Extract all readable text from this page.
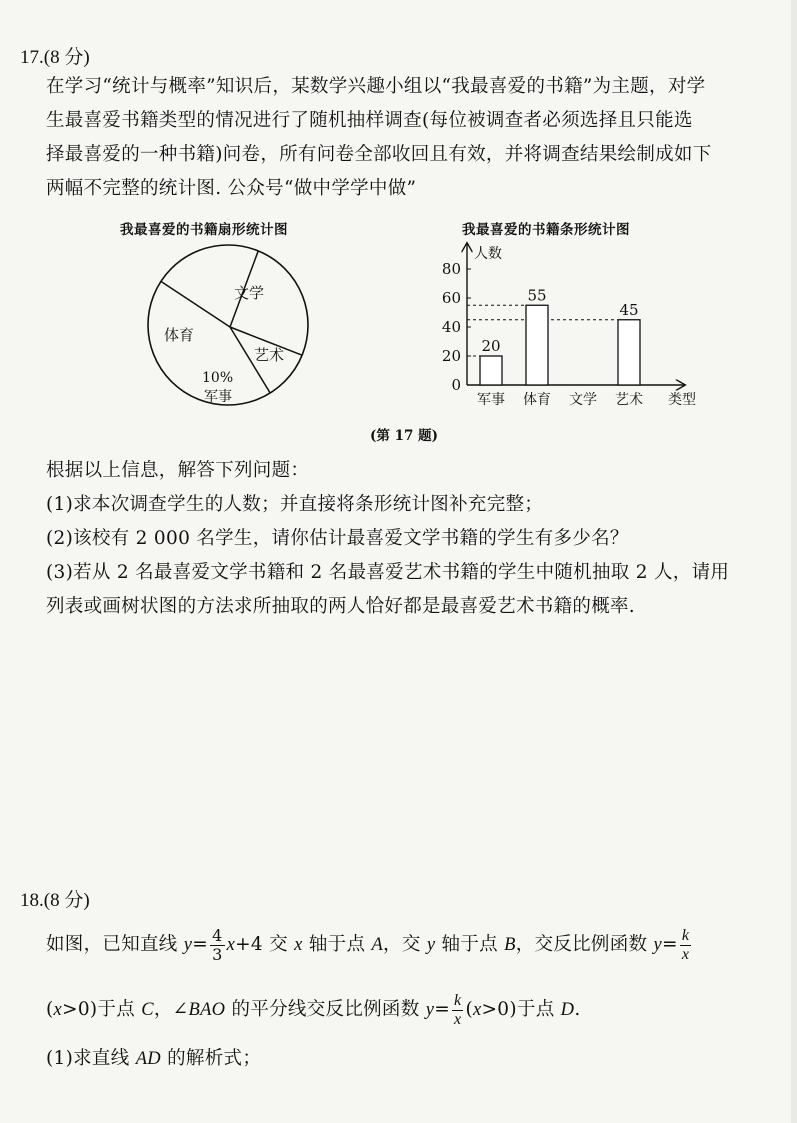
17.(8 分)
在学习“统计与概率”知识后，某数学兴趣小组以“我最喜爱的书籍”为主题，对学
生最喜爱书籍类型的情况进行了随机抽样调查(每位被调查者必须选择且只能选
择最喜爱的一种书籍)问卷，所有问卷全部收回且有效，并将调查结果绘制成如下
两幅不完整的统计图. 公众号“做中学学中做”
我最喜爱的书籍扇形统计图	我最喜爱的书籍条形统计图
文学
艺术
军事
体育
10%
人数
类型
0
20
40
60
80
军事
20
体育
55
文学 艺术
45
(第 17 题)
根据以上信息，解答下列问题：
(1)求本次调查学生的人数；并直接将条形统计图补充完整；
(2)该校有 2 000 名学生，请你估计最喜爱文学书籍的学生有多少名？
(3)若从 2 名最喜爱文学书籍和 2 名最喜爱艺术书籍的学生中随机抽取 2 人，请用
列表或画树状图的方法求所抽取的两人恰好都是最喜爱艺术书籍的概率.
18.(8 分)
如图，已知直线 $y= \frac{4}{3} x+4$ 交 x 轴于点 A，交 y 轴于点 B，交反比例函数 $y= \frac{k}{x}$
(x>0)于点 C，∠BAO 的平分线交反比例函数 $y= \frac{k}{x} (x>0)$于点 D.
(1)求直线 AD 的解析式；
